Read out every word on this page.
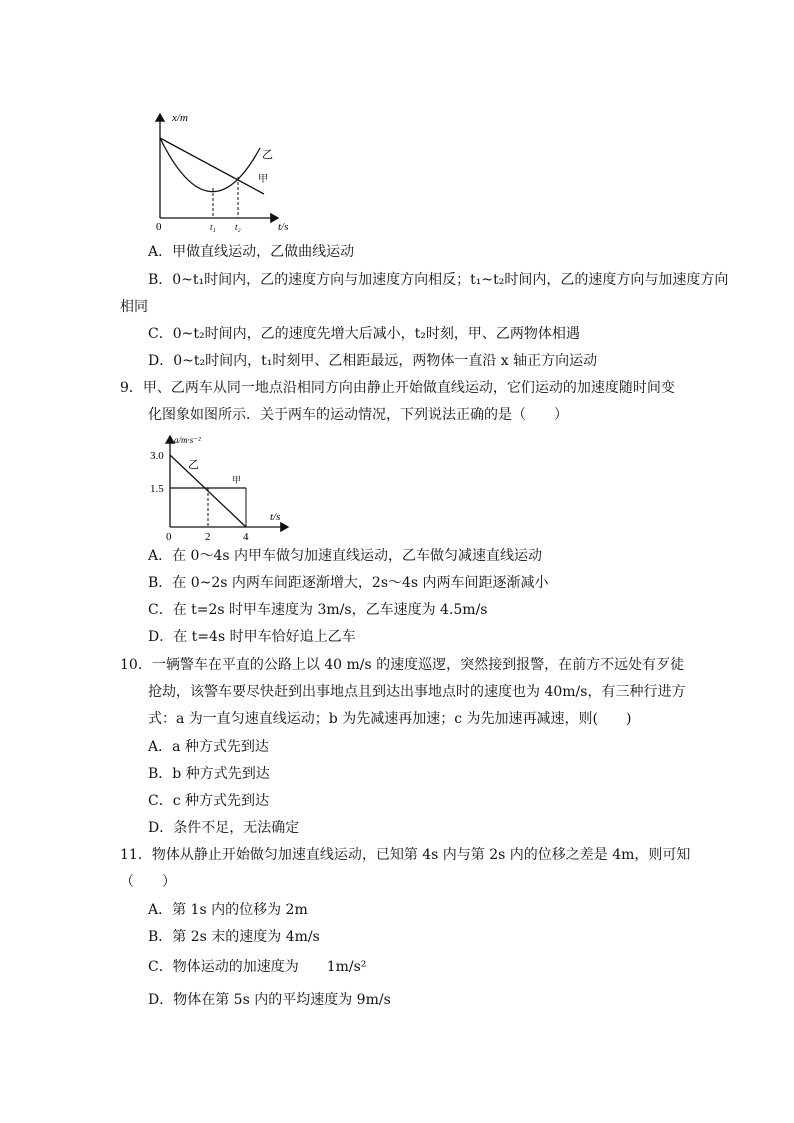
x/m
0	t₁ t₂	t/s
乙
甲
A．甲做直线运动，乙做曲线运动
B．0~t₁时间内，乙的速度方向与加速度方向相反；t₁~t₂时间内，乙的速度方向与加速度方向
相同
C．0~t₂时间内，乙的速度先增大后减小，t₂时刻，甲、乙两物体相遇
D．0~t₂时间内，t₁时刻甲、乙相距最远，两物体一直沿 x 轴正方向运动
9．甲、乙两车从同一地点沿相同方向由静止开始做直线运动，它们运动的加速度随时间变
化图象如图所示．关于两车的运动情况，下列说法正确的是（　　）
a/m·s⁻²
3.0
1.5
0	2	4
t/s
乙
甲
A．在 0～4s 内甲车做匀加速直线运动，乙车做匀减速直线运动
B．在 0~2s 内两车间距逐渐增大，2s～4s 内两车间距逐渐减小
C．在 t=2s 时甲车速度为 3m/s，乙车速度为 4.5m/s
D．在 t=4s 时甲车恰好追上乙车
10．一辆警车在平直的公路上以 40 m/s 的速度巡逻，突然接到报警，在前方不远处有歹徒
抢劫，该警车要尽快赶到出事地点且到达出事地点时的速度也为 40m/s，有三种行进方
式：a 为一直匀速直线运动；b 为先减速再加速；c 为先加速再减速，则(　　)
A．a 种方式先到达
B．b 种方式先到达
C．c 种方式先到达
D．条件不足，无法确定
11．物体从静止开始做匀加速直线运动，已知第 4s 内与第 2s 内的位移之差是 4m，则可知
（　　）
A．第 1s 内的位移为 2m
B．第 2s 末的速度为 4m/s
C．物体运动的加速度为 1m/s²
D．物体在第 5s 内的平均速度为 9m/s
